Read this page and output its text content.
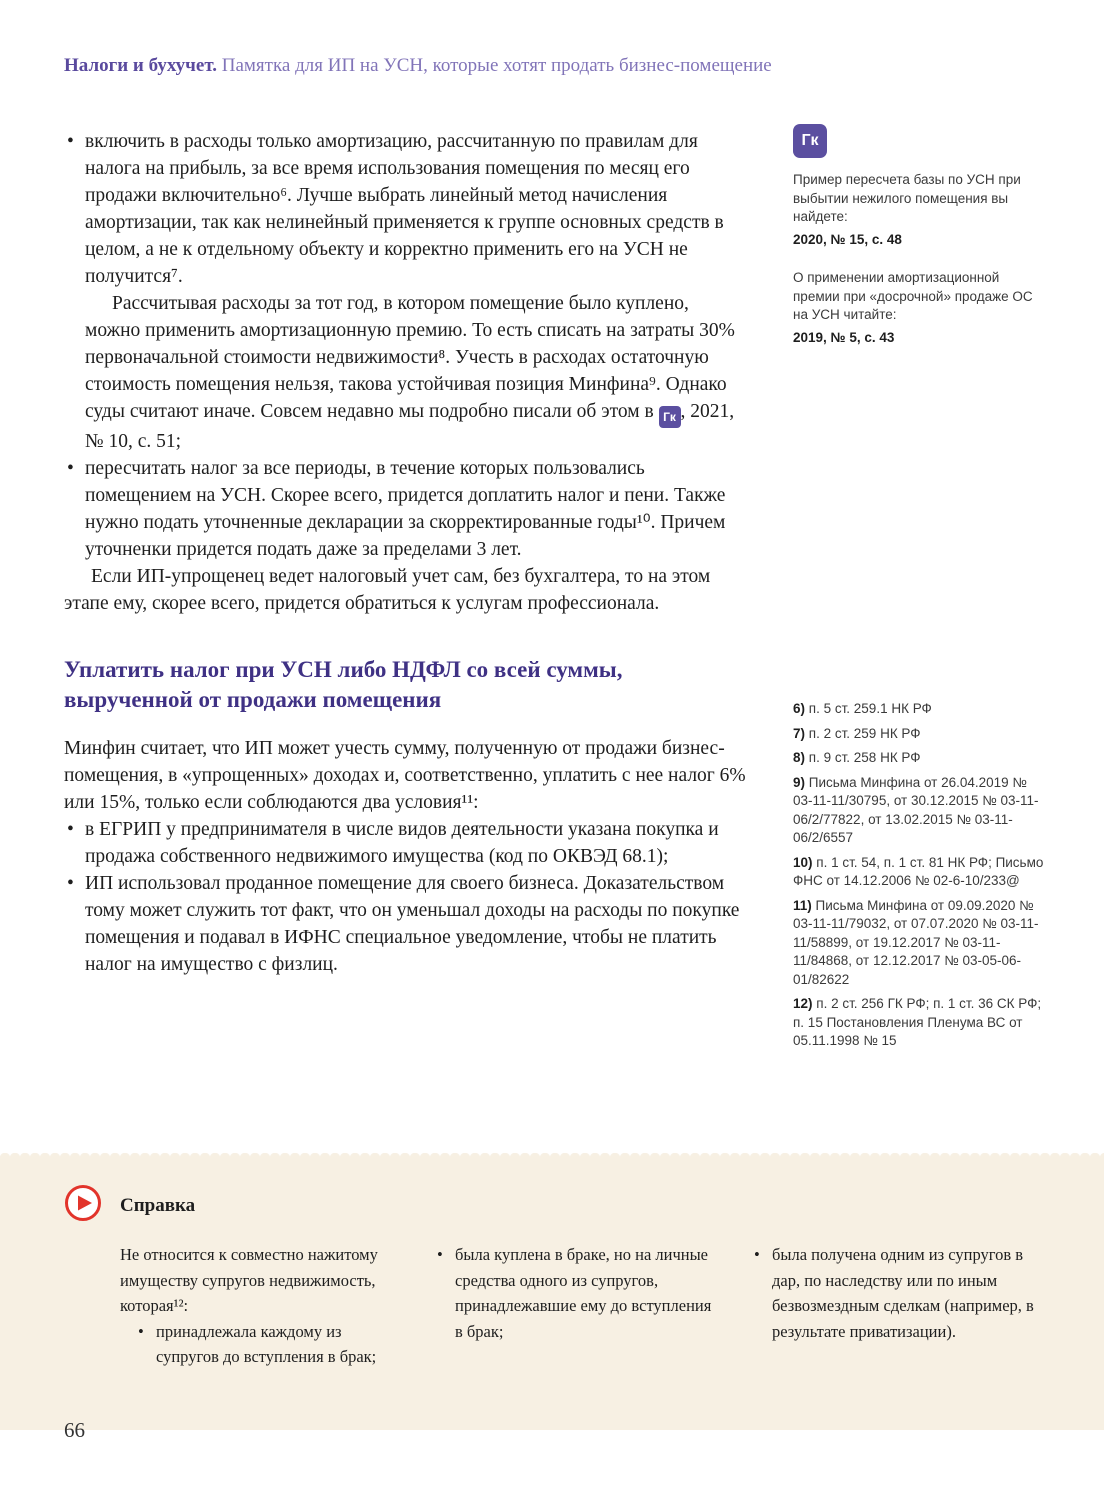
Налоги и бухучет. Памятка для ИП на УСН, которые хотят продать бизнес-помещение

• включить в расходы только амортизацию, рассчитанную по правилам для налога на прибыль, за все время использования помещения по месяц его продажи включительно⁶. Лучше выбрать линейный метод начисления амортизации, так как нелинейный применяется к группе основных средств в целом, а не к отдельному объекту и корректно применить его на УСН не получится⁷.

Рассчитывая расходы за тот год, в котором помещение было куплено, можно применить амортизационную премию. То есть списать на затраты 30% первоначальной стоимости недвижимости⁸. Учесть в расходах остаточную стоимость помещения нельзя, такова устойчивая позиция Минфина⁹. Однако суды считают иначе. Совсем недавно мы подробно писали об этом в Гк , 2021, № 10, с. 51;

• пересчитать налог за все периоды, в течение которых пользовались помещением на УСН. Скорее всего, придется доплатить налог и пени. Также нужно подать уточненные декларации за скорректированные годы¹⁰. Причем уточненки придется подать даже за пределами 3 лет.

Если ИП-упрощенец ведет налоговый учет сам, без бухгалтера, то на этом этапе ему, скорее всего, придется обратиться к услугам профессионала.

Уплатить налог при УСН либо НДФЛ со всей суммы, вырученной от продажи помещения

Минфин считает, что ИП может учесть сумму, полученную от продажи бизнес-помещения, в «упрощенных» доходах и, соответственно, уплатить с нее налог 6% или 15%, только если соблюдаются два условия¹¹:

• в ЕГРИП у предпринимателя в числе видов деятельности указана покупка и продажа собственного недвижимого имущества (код по ОКВЭД 68.1);

• ИП использовал проданное помещение для своего бизнеса. Доказательством тому может служить тот факт, что он уменьшал доходы на расходы по покупке помещения и подавал в ИФНС специальное уведомление, чтобы не платить налог на имущество с физлиц.

Гк

Пример пересчета базы по УСН при выбытии нежилого помещения вы найдете:

2020, № 15, с. 48

О применении амортизационной премии при «досрочной» продаже ОС на УСН читайте:

2019, № 5, с. 43

6) п. 5 ст. 259.1 НК РФ

7) п. 2 ст. 259 НК РФ

8) п. 9 ст. 258 НК РФ

9) Письма Минфина от 26.04.2019 № 03-11-11/30795, от 30.12.2015 № 03-11-06/2/77822, от 13.02.2015 № 03-11-06/2/6557

10) п. 1 ст. 54, п. 1 ст. 81 НК РФ; Письмо ФНС от 14.12.2006 № 02-6-10/233@

11) Письма Минфина от 09.09.2020 № 03-11-11/79032, от 07.07.2020 № 03-11-11/58899, от 19.12.2017 № 03-11-11/84868, от 12.12.2017 № 03-05-06-01/82622

12) п. 2 ст. 256 ГК РФ; п. 1 ст. 36 СК РФ; п. 15 Постановления Пленума ВС от 05.11.1998 № 15

Справка

Не относится к совместно нажитому имуществу супругов недвижимость, которая¹²:

• принадлежала каждому из супругов до вступления в брак;
• была куплена в браке, но на личные средства одного из супругов, принадлежавшие ему до вступления в брак;
• была получена одним из супругов в дар, по наследству или по иным безвозмездным сделкам (например, в результате приватизации).
66
